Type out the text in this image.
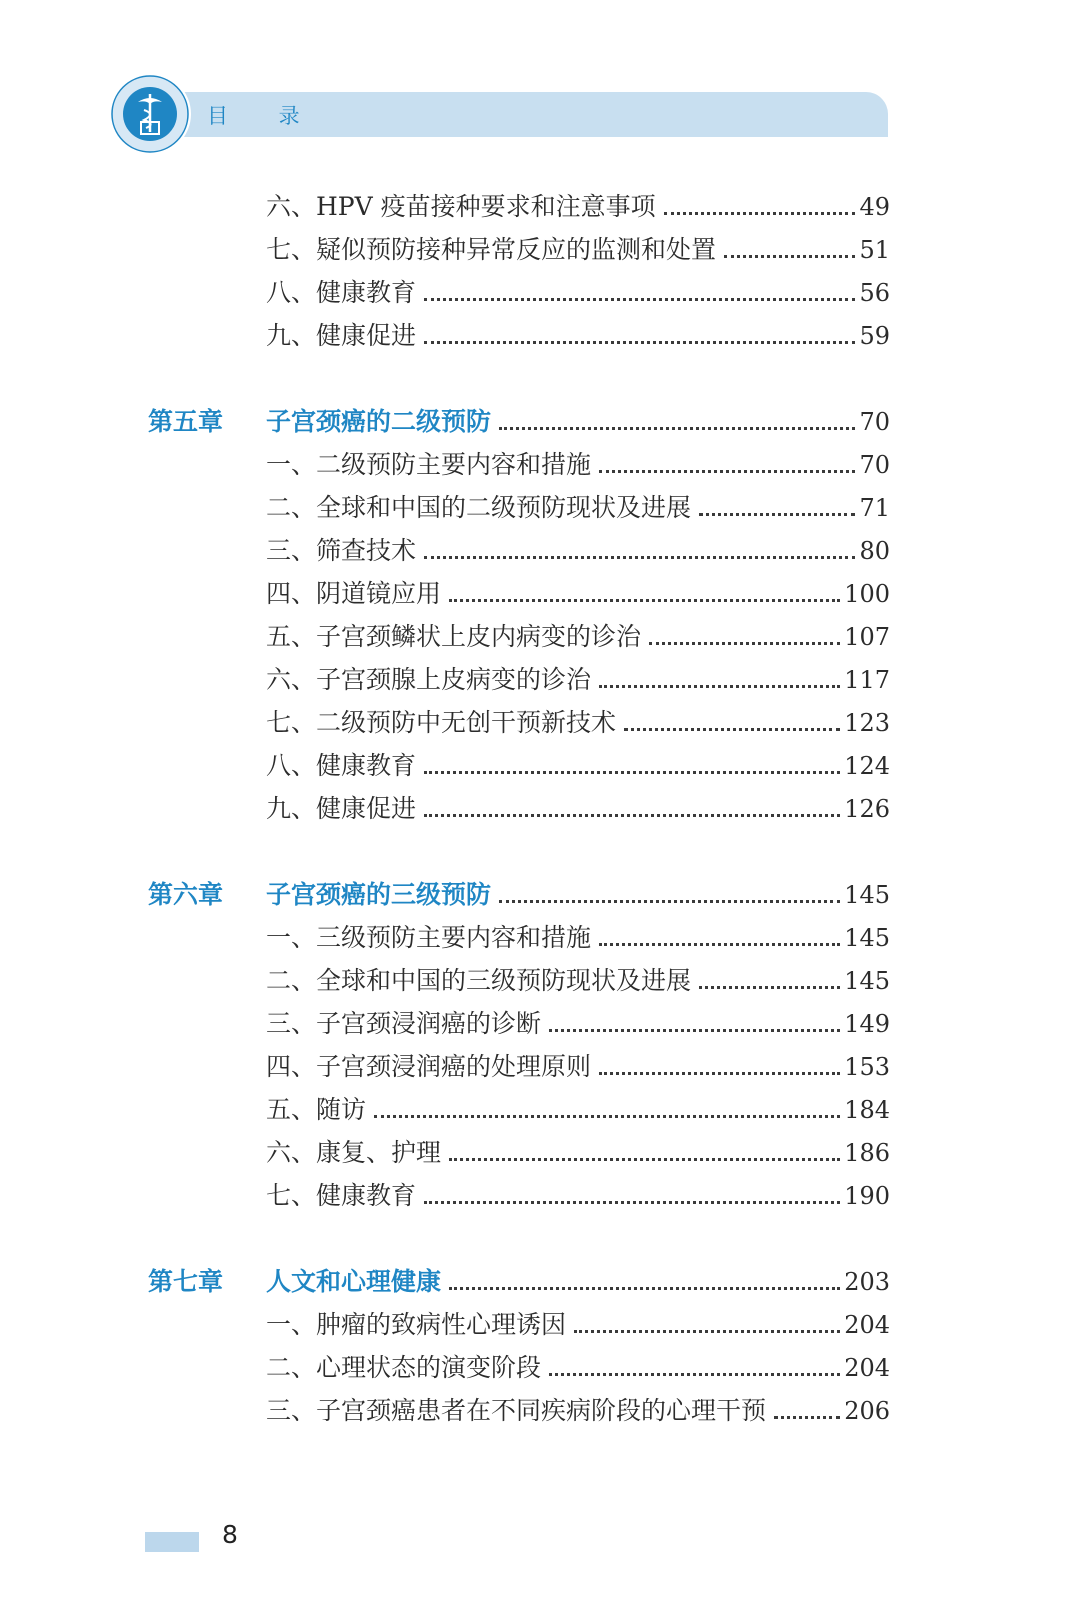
目 录
六、HPV 疫苗接种要求和注意事项	49
七、疑似预防接种异常反应的监测和处置	51
八、健康教育	56
九、健康促进	59
第五章	子宫颈癌的二级预防	70
一、二级预防主要内容和措施	70
二、全球和中国的二级预防现状及进展	71
三、筛查技术	80
四、阴道镜应用	100
五、子宫颈鳞状上皮内病变的诊治	107
六、子宫颈腺上皮病变的诊治	117
七、二级预防中无创干预新技术	123
八、健康教育	124
九、健康促进	126
第六章	子宫颈癌的三级预防	145
一、三级预防主要内容和措施	145
二、全球和中国的三级预防现状及进展	145
三、子宫颈浸润癌的诊断	149
四、子宫颈浸润癌的处理原则	153
五、随访	184
六、康复、护理	186
七、健康教育	190
第七章	人文和心理健康	203
一、肿瘤的致病性心理诱因	204
二、心理状态的演变阶段	204
三、子宫颈癌患者在不同疾病阶段的心理干预	206
8
